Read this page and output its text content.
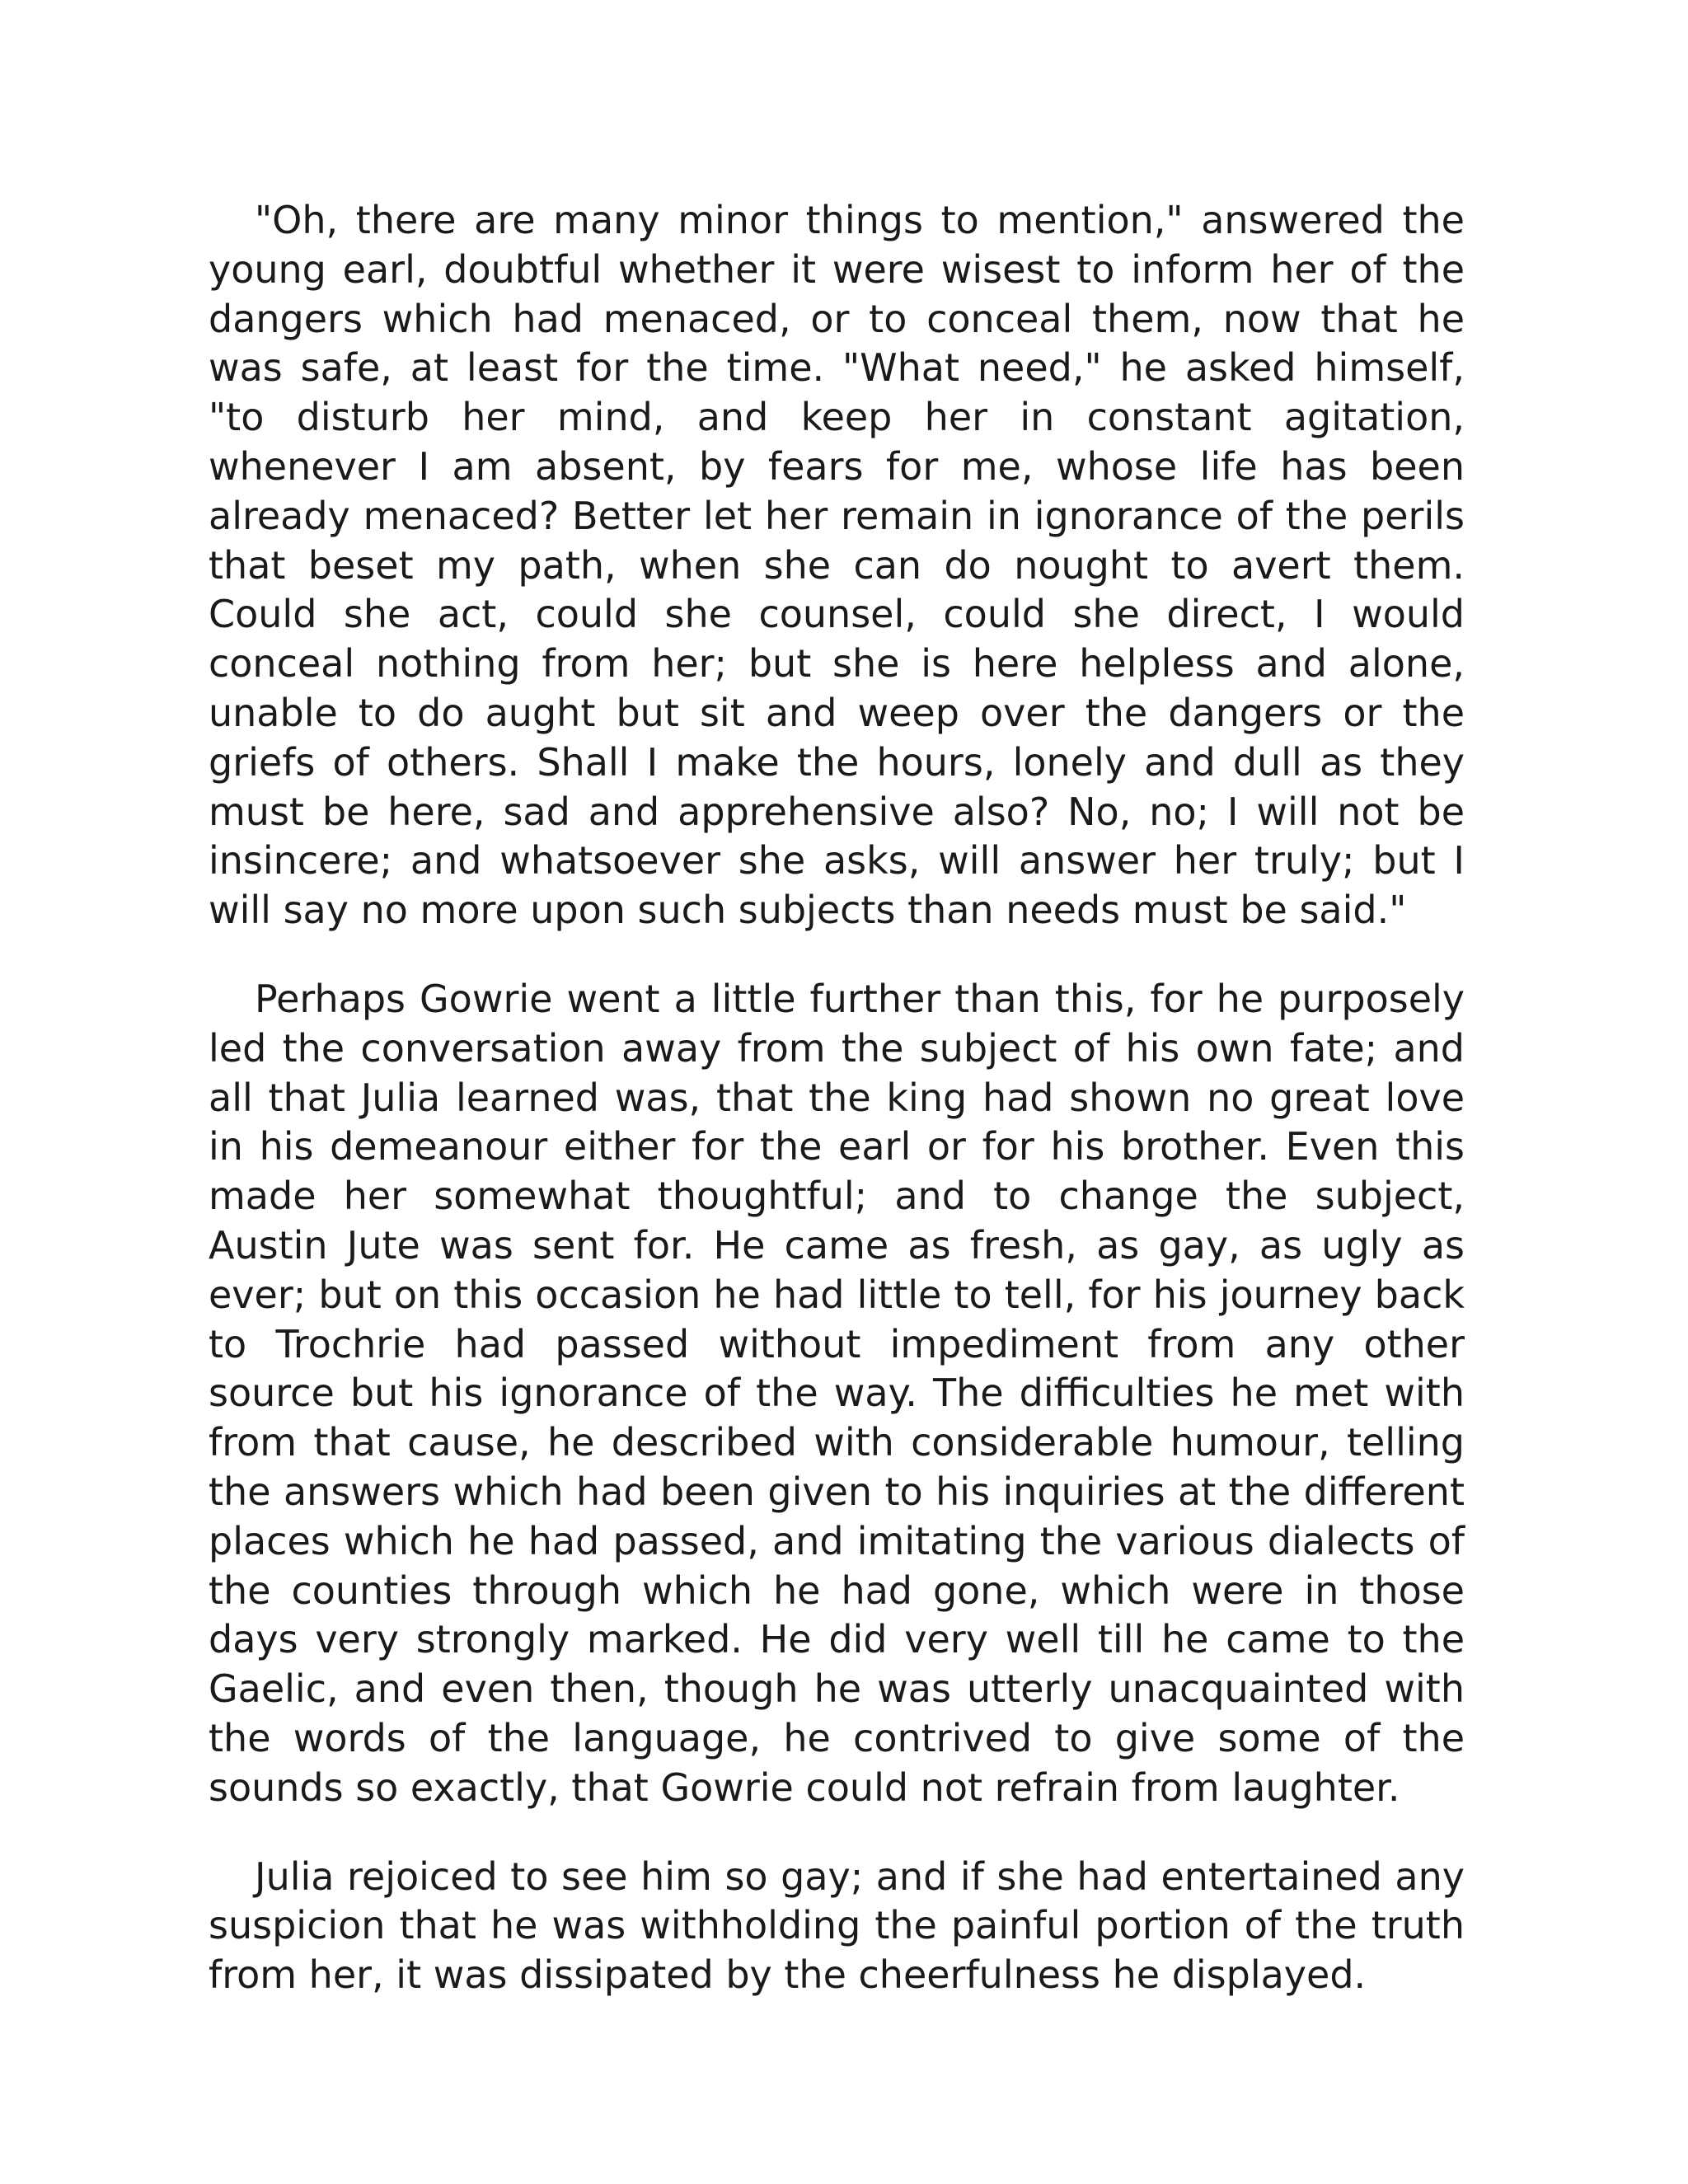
"Oh, there are many minor things to mention," answered the young earl, doubtful whether it were wisest to inform her of the dangers which had menaced, or to conceal them, now that he was safe, at least for the time. "What need," he asked himself, "to disturb her mind, and keep her in constant agitation, whenever I am absent, by fears for me, whose life has been already menaced? Better let her remain in ignorance of the perils that beset my path, when she can do nought to avert them. Could she act, could she counsel, could she direct, I would conceal nothing from her; but she is here helpless and alone, unable to do aught but sit and weep over the dangers or the griefs of others. Shall I make the hours, lonely and dull as they must be here, sad and apprehensive also? No, no; I will not be insincere; and whatsoever she asks, will answer her truly; but I will say no more upon such subjects than needs must be said."

Perhaps Gowrie went a little further than this, for he purposely led the conversation away from the subject of his own fate; and all that Julia learned was, that the king had shown no great love in his demeanour either for the earl or for his brother. Even this made her somewhat thoughtful; and to change the subject, Austin Jute was sent for. He came as fresh, as gay, as ugly as ever; but on this occasion he had little to tell, for his journey back to Trochrie had passed without impediment from any other source but his ignorance of the way. The difficulties he met with from that cause, he described with considerable humour, telling the answers which had been given to his inquiries at the different places which he had passed, and imitating the various dialects of the counties through which he had gone, which were in those days very strongly marked. He did very well till he came to the Gaelic, and even then, though he was utterly unacquainted with the words of the language, he contrived to give some of the sounds so exactly, that Gowrie could not refrain from laughter.

Julia rejoiced to see him so gay; and if she had entertained any suspicion that he was withholding the painful portion of the truth from her, it was dissipated by the cheerfulness he displayed.
